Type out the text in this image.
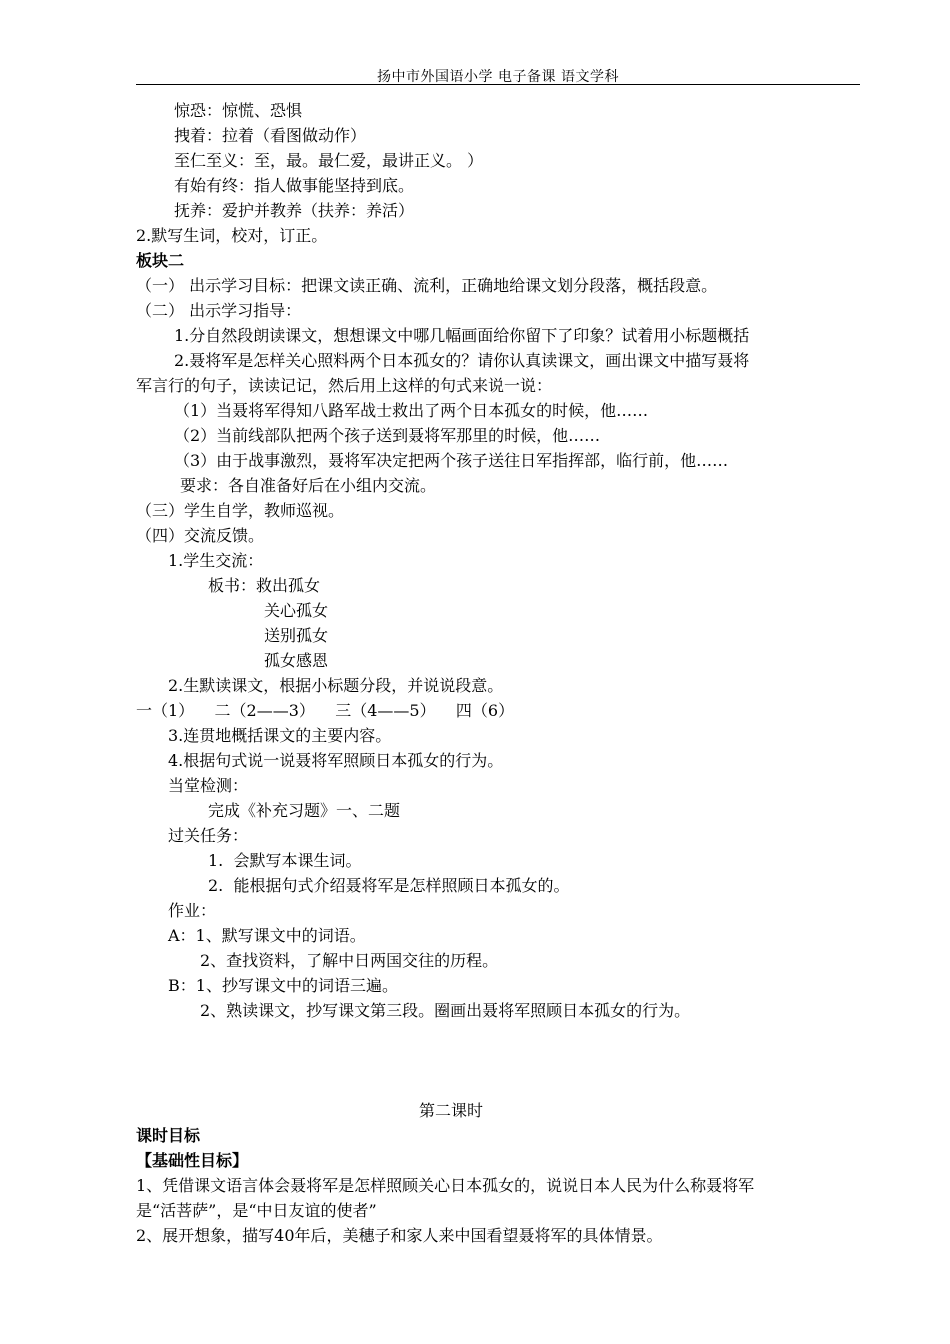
扬中市外国语小学 电子备课 语文学科
惊恐：惊慌、恐惧
拽着：拉着（看图做动作）
至仁至义：至，最。最仁爱，最讲正义。 ）
有始有终：指人做事能坚持到底。
抚养：爱护并教养（扶养：养活）
2.默写生词，校对，订正。
板块二
（一） 出示学习目标：把课文读正确、流利，正确地给课文划分段落，概括段意。
（二） 出示学习指导：
1.分自然段朗读课文，想想课文中哪几幅画面给你留下了印象？试着用小标题概括
2.聂将军是怎样关心照料两个日本孤女的？请你认真读课文，画出课文中描写聂将
军言行的句子，读读记记，然后用上这样的句式来说一说：
（1）当聂将军得知八路军战士救出了两个日本孤女的时候，他……
（2）当前线部队把两个孩子送到聂将军那里的时候，他……
（3）由于战事激烈，聂将军决定把两个孩子送往日军指挥部，临行前，他……
要求：各自准备好后在小组内交流。
（三）学生自学，教师巡视。
（四）交流反馈。
1.学生交流：
板书：救出孤女
关心孤女
送别孤女
孤女感恩
2.生默读课文，根据小标题分段，并说说段意。
一（1）    二（2——3）    三（4——5）    四（6）
3.连贯地概括课文的主要内容。
4.根据句式说一说聂将军照顾日本孤女的行为。
当堂检测：
完成《补充习题》一、二题
过关任务：
1.  会默写本课生词。
2.  能根据句式介绍聂将军是怎样照顾日本孤女的。
作业：
A：1、默写课文中的词语。
2、查找资料，了解中日两国交往的历程。
B：1、抄写课文中的词语三遍。
2、熟读课文，抄写课文第三段。圈画出聂将军照顾日本孤女的行为。
第二课时
课时目标
【基础性目标】
1、凭借课文语言体会聂将军是怎样照顾关心日本孤女的，说说日本人民为什么称聂将军
是“活菩萨”，是“中日友谊的使者”
2、展开想象，描写40年后，美穗子和家人来中国看望聂将军的具体情景。
